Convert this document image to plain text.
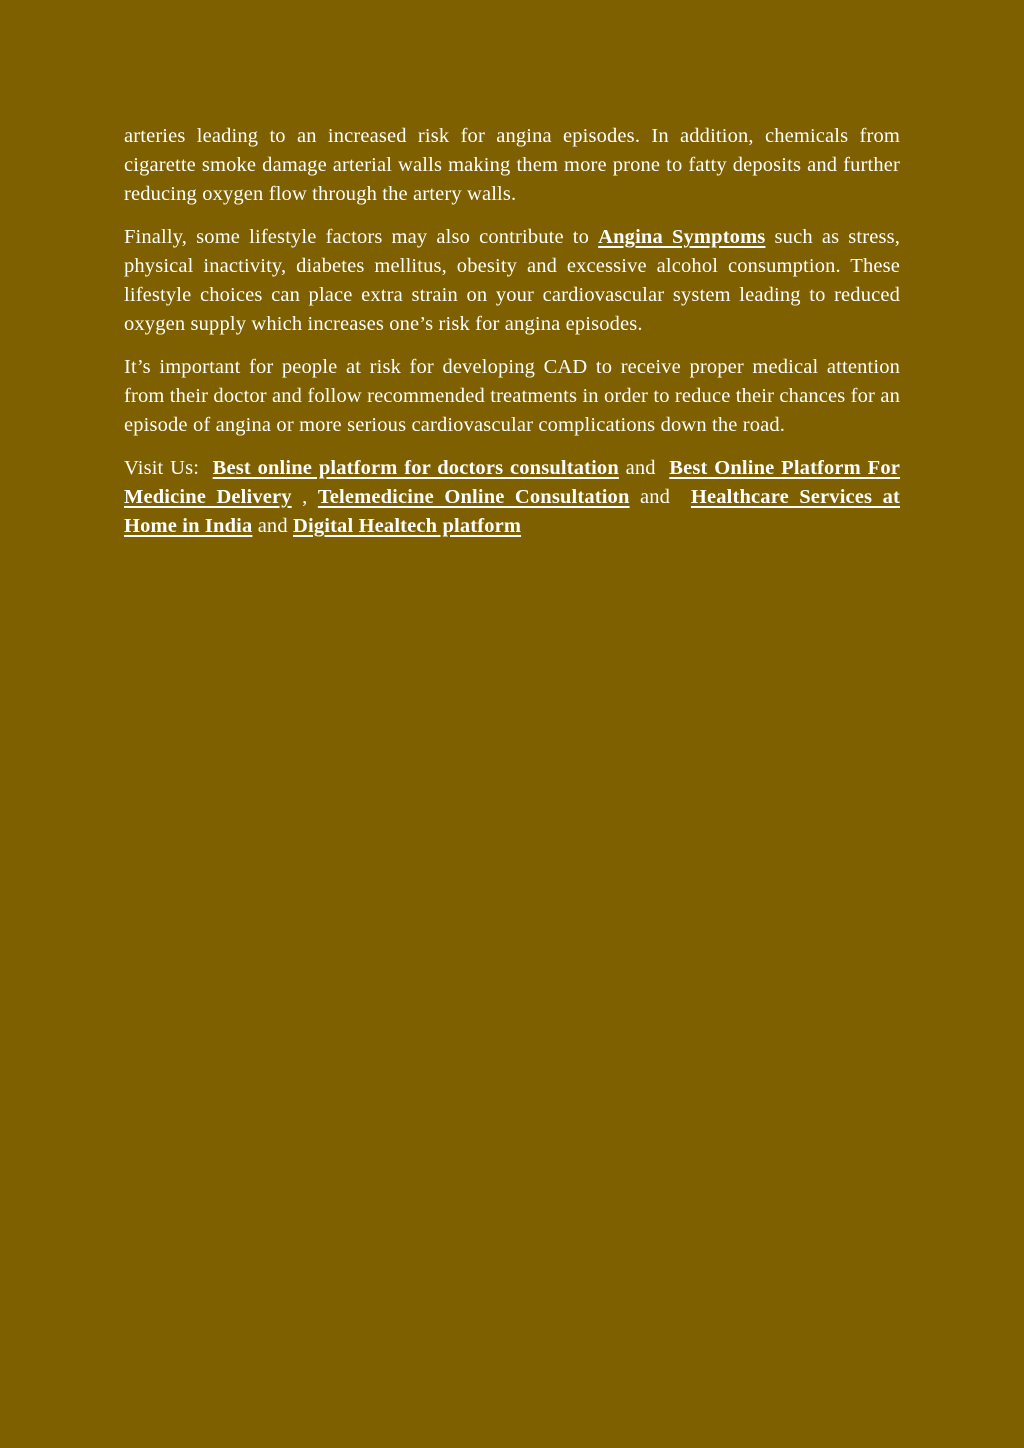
arteries leading to an increased risk for angina episodes. In addition, chemicals from cigarette smoke damage arterial walls making them more prone to fatty deposits and further reducing oxygen flow through the artery walls.

Finally, some lifestyle factors may also contribute to Angina Symptoms such as stress, physical inactivity, diabetes mellitus, obesity and excessive alcohol consumption. These lifestyle choices can place extra strain on your cardiovascular system leading to reduced oxygen supply which increases one’s risk for angina episodes.

It’s important for people at risk for developing CAD to receive proper medical attention from their doctor and follow recommended treatments in order to reduce their chances for an episode of angina or more serious cardiovascular complications down the road.

Visit Us: Best online platform for doctors consultation and Best Online Platform For Medicine Delivery , Telemedicine Online Consultation and Healthcare Services at Home in India and Digital Healtech platform
